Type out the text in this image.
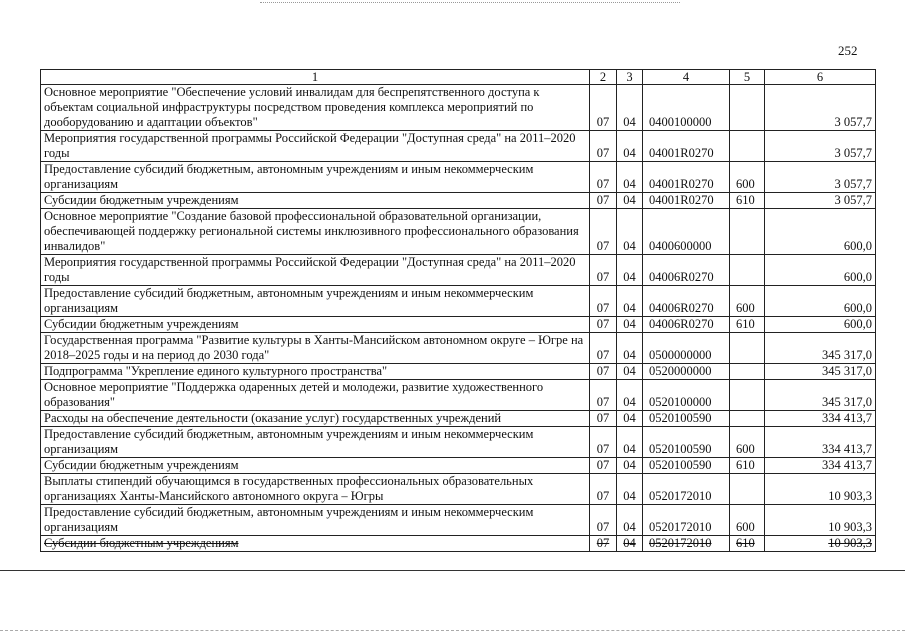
252
1	2	3	4	5	6
Основное мероприятие "Обеспечение условий инвалидам для беспрепятственного доступа к объектам социальной инфраструктуры посредством проведения комплекса мероприятий по дооборудованию и адаптации объектов"	07	04	0400100000		3 057,7
Мероприятия государственной программы Российской Федерации "Доступная среда" на 2011–2020 годы	07	04	04001R0270		3 057,7
Предоставление субсидий бюджетным, автономным учреждениям и иным некоммерческим организациям	07	04	04001R0270	600	3 057,7
Субсидии бюджетным учреждениям	07	04	04001R0270	610	3 057,7
Основное мероприятие "Создание базовой профессиональной образовательной организации, обеспечивающей поддержку региональной системы инклюзивного профессионального образования инвалидов"	07	04	0400600000		600,0
Мероприятия государственной программы Российской Федерации "Доступная среда" на 2011–2020 годы	07	04	04006R0270		600,0
Предоставление субсидий бюджетным, автономным учреждениям и иным некоммерческим организациям	07	04	04006R0270	600	600,0
Субсидии бюджетным учреждениям	07	04	04006R0270	610	600,0
Государственная программа "Развитие культуры в Ханты-Мансийском автономном округе – Югре на 2018–2025 годы и на период до 2030 года"	07	04	0500000000		345 317,0
Подпрограмма "Укрепление единого культурного пространства"	07	04	0520000000		345 317,0
Основное мероприятие "Поддержка одаренных детей и молодежи, развитие художественного образования"	07	04	0520100000		345 317,0
Расходы на обеспечение деятельности (оказание услуг) государственных учреждений	07	04	0520100590		334 413,7
Предоставление субсидий бюджетным, автономным учреждениям и иным некоммерческим организациям	07	04	0520100590	600	334 413,7
Субсидии бюджетным учреждениям	07	04	0520100590	610	334 413,7
Выплаты стипендий обучающимся в государственных профессиональных образовательных организациях Ханты-Мансийского автономного округа – Югры	07	04	0520172010		10 903,3
Предоставление субсидий бюджетным, автономным учреждениям и иным некоммерческим организациям	07	04	0520172010	600	10 903,3
Субсидии бюджетным учреждениям	07	04	0520172010	610	10 903,3
